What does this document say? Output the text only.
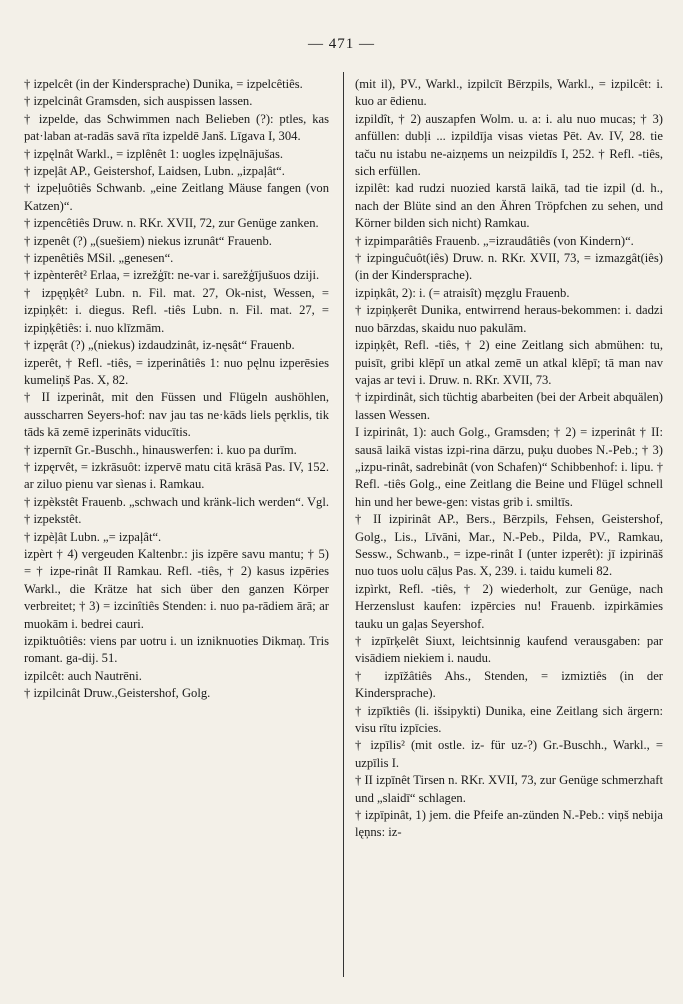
— 471 —

† izpelcêt (in der Kindersprache) Dunika, = izpelcêtiês.

† izpelcinât Gramsden, sich auspissen lassen.

† izpelde, das Schwimmen nach Belieben (?): ptles, kas pat·laban at-radās savā rīta izpeldē Janš. Līgava I, 304.

† izpęlnât Warkl., = izplênêt 1: uogles izpęlnājušas.

† izpeļât AP., Geistershof, Laidsen, Lubn. „izpaļât“.

† izpeļuôtiês Schwanb. „eine Zeitlang Mäuse fangen (von Katzen)“.

† izpencêtiês Druw. n. RKr. XVII, 72, zur Genüge zanken.

† izpenêt (?) „(suešiem) niekus izrunât“ Frauenb.

† izpenêtiês MSil. „genesen“.

† izpènterêt² Erlaa, = izrežģīt: ne-var i. sarežģījušuos dziji.

† izpęņķêt² Lubn. n. Fil. mat. 27, Ok-nist, Wessen, = izpiņķêt: i. diegus. Refl. -tiês Lubn. n. Fil. mat. 27, = izpiņķêtiês: i. nuo klīzmām.

† izpęrât (?) „(niekus) izdaudzinât, iz-nęsât“ Frauenb.

izperêt, † Refl. -tiês, = izperinâtiês 1: nuo pęlnu izperēsies kumeliņš Pas. X, 82.

† II izperinât, mit den Füssen und Flügeln aushöhlen, ausscharren Seyers-hof: nav jau tas ne·kāds liels pęrklis, tik tāds kā zemē izperināts viducītis.

† izpernīt Gr.-Buschh., hinauswerfen: i. kuo pa durīm.

† izpęrvêt, = izkrāsuôt: izpervē matu citā krāsā Pas. IV, 152. ar ziluo pienu var sìenas i. Ramkau.

† izpèkstêt Frauenb. „schwach und kränk-lich werden“. Vgl. † izpekstêt.

† izpèļât Lubn. „= izpaļât“.

izpèrt † 4) vergeuden Kaltenbr.: jis izpēre savu mantu; † 5) = † izpe-rinât II Ramkau. Refl. -tiês, † 2) kasus izpēries Warkl., die Krätze hat sich über den ganzen Körper verbreitet; † 3) = izcinîtiês Stenden: i. nuo pa-rādiem ārā; ar muokām i. bedrei cauri.

izpiktuôtiês: viens par uotru i. un izniknuoties Dikmaņ. Tris romant. ga-dij. 51.

izpilcêt: auch Nautrēni.

† izpilcinât Druw.,Geistershof, Golg.

(mit il), PV., Warkl., izpilcīt Bērzpils, Warkl., = izpilcêt: i. kuo ar ēdienu.

izpildît, † 2) auszapfen Wolm. u. a: i. alu nuo mucas; † 3) anfüllen: dubļi ... izpildīja visas vietas Pēt. Av. IV, 28. tie taču nu istabu ne-aizņems un neizpildīs I, 252. † Refl. -tiês, sich erfüllen.

izpilêt: kad rudzi nuozied karstā laikā, tad tie izpil (d. h., nach der Blüte sind an den Ähren Tröpfchen zu sehen, und Körner bilden sich nicht) Ramkau.

† izpimparâtiês Frauenb. „=izraudâtiês (von Kindern)“.

† izpinguĉuôt(iês) Druw. n. RKr. XVII, 73, = izmazgât(iês) (in der Kindersprache).

izpiņkât, 2): i. (= atraisît) męzglu Frauenb.

† izpiņķerêt Dunika, entwirrend heraus-bekommen: i. dadzi nuo bārzdas, skaidu nuo pakulām.

izpiņķêt, Refl. -tiês, † 2) eine Zeitlang sich abmühen: tu, puisīt, gribi klēpī un atkal zemē un atkal klēpī; tā man nav vajas ar tevi i. Druw. n. RKr. XVII, 73.

† izpirdinât, sich tüchtig abarbeiten (bei der Arbeit abquälen) lassen Wessen.

I izpirinât, 1): auch Golg., Gramsden; † 2) = izperinât † II: sausā laikā vistas izpi-rina dārzu, puķu duobes N.-Peb.; † 3) „izpu-rinât, sadrebinât (von Schafen)“ Schibbenhof: i. lipu. † Refl. -tiês Golg., eine Zeitlang die Beine und Flügel schnell hin und her bewe-gen: vistas grib i. smiltīs.

† II izpirinât AP., Bers., Bērzpils, Fehsen, Geistershof, Golg., Lis., Līvāni, Mar., N.-Peb., Pilda, PV., Ramkau, Sessw., Schwanb., = izpe-rinât I (unter izperêt): jī izpirināš nuo tuos uolu cāļus Pas. X, 239. i. taidu kumeli 82.

izpìrkt, Refl. -tiês, † 2) wiederholt, zur Genüge, nach Herzenslust kaufen: izpērcies nu! Frauenb. izpirkāmies tauku un gaļas Seyershof.

† izpīrķelêt Siuxt, leichtsinnig kaufend verausgaben: par visādiem niekiem i. naudu.

† izpīžâtiês Ahs., Stenden, = izmiztiês (in der Kindersprache).

† izpīktiês (li. išsipykti) Dunika, eine Zeitlang sich ärgern: visu rītu izpīcies.

† izpīlis² (mit ostle. iz- für uz-?) Gr.-Buschh., Warkl., = uzpīlis I.

† II izpīnêt Tirsen n. RKr. XVII, 73, zur Genüge schmerzhaft und „slaidī“ schlagen.

† izpīpinât, 1) jem. die Pfeife an-zünden N.-Peb.: viņš nebija lęņns: iz-
